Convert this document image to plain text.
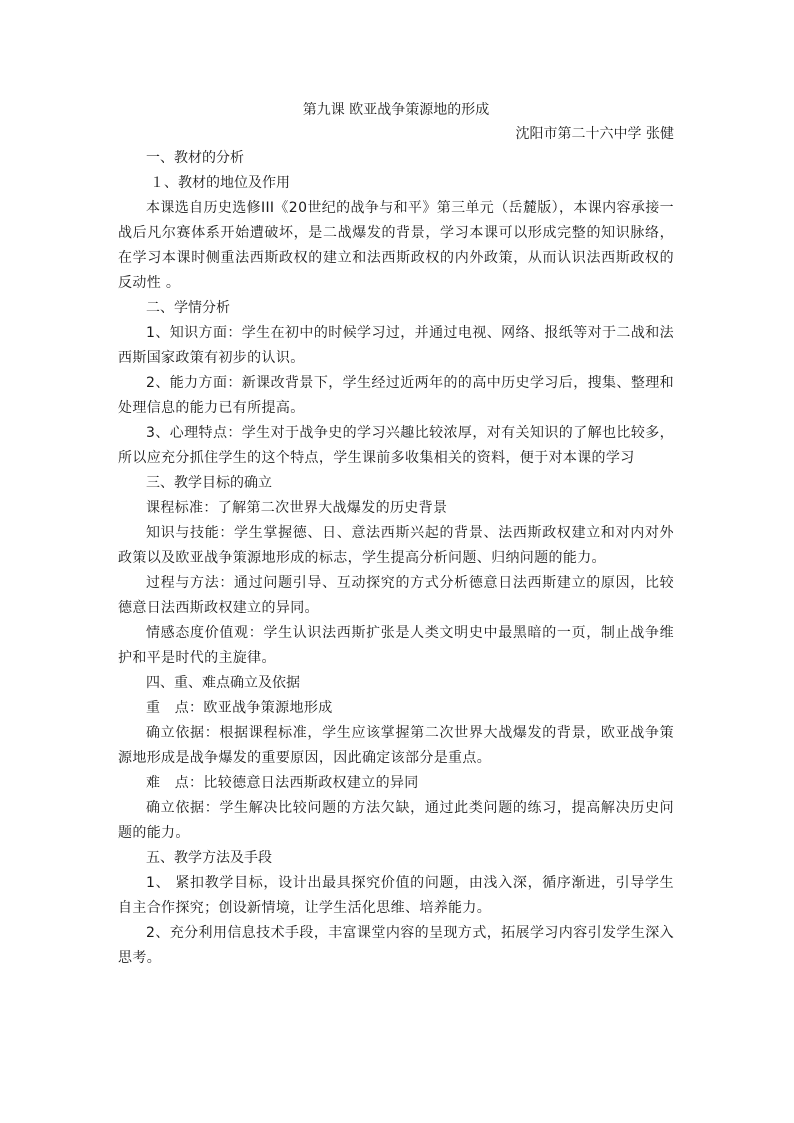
第九课 欧亚战争策源地的形成

沈阳市第二十六中学 张健

一、教材的分析

１、教材的地位及作用

本课选自历史选修III《20世纪的战争与和平》第三单元（岳麓版），本课内容承接一战后凡尔赛体系开始遭破坏，是二战爆发的背景，学习本课可以形成完整的知识脉络，在学习本课时侧重法西斯政权的建立和法西斯政权的内外政策，从而认识法西斯政权的反动性 。

二、学情分析

1、知识方面：学生在初中的时候学习过，并通过电视、网络、报纸等对于二战和法西斯国家政策有初步的认识。

2、能力方面：新课改背景下，学生经过近两年的的高中历史学习后，搜集、整理和处理信息的能力已有所提高。

3、心理特点：学生对于战争史的学习兴趣比较浓厚，对有关知识的了解也比较多，所以应充分抓住学生的这个特点，学生课前多收集相关的资料，便于对本课的学习

三、教学目标的确立

课程标准：了解第二次世界大战爆发的历史背景

知识与技能：学生掌握德、日、意法西斯兴起的背景、法西斯政权建立和对内对外政策以及欧亚战争策源地形成的标志，学生提高分析问题、归纳问题的能力。

过程与方法：通过问题引导、互动探究的方式分析德意日法西斯建立的原因，比较德意日法西斯政权建立的异同。

情感态度价值观：学生认识法西斯扩张是人类文明史中最黑暗的一页，制止战争维护和平是时代的主旋律。

四、重、难点确立及依据

重　点：欧亚战争策源地形成

确立依据：根据课程标准，学生应该掌握第二次世界大战爆发的背景，欧亚战争策源地形成是战争爆发的重要原因，因此确定该部分是重点。

难　点：比较德意日法西斯政权建立的异同

确立依据：学生解决比较问题的方法欠缺，通过此类问题的练习，提高解决历史问题的能力。

五、教学方法及手段

1、 紧扣教学目标，设计出最具探究价值的问题，由浅入深，循序渐进，引导学生自主合作探究；创设新情境，让学生活化思维、培养能力。

2、充分利用信息技术手段，丰富课堂内容的呈现方式，拓展学习内容引发学生深入思考。
